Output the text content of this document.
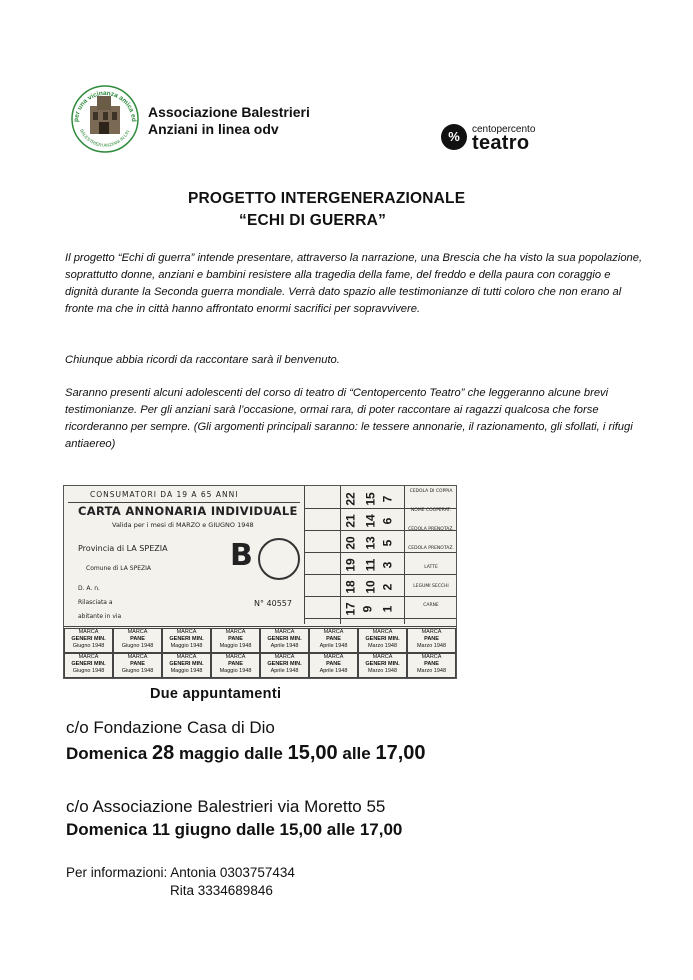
per una vicinanza amica ed
BALESTRIERI ANZIANI IN LIN
Associazione Balestrieri
Anziani in linea odv	%	centopercento
teatro
PROGETTO INTERGENERAZIONALE
“ECHI DI GUERRA”
Il progetto “Echi di guerra” intende presentare, attraverso la narrazione, una Brescia che ha visto la sua popolazione, soprattutto donne, anziani e bambini resistere alla tragedia della fame, del freddo e della paura con coraggio e dignità durante la Seconda guerra mondiale. Verrà dato spazio alle testimonianze di tutti coloro che non erano al fronte ma che in città hanno affrontato enormi sacrifici per sopravvivere.
Chiunque abbia ricordi da raccontare sarà il benvenuto.
Saranno presenti alcuni adolescenti del corso di teatro di “Centopercento Teatro” che leggeranno alcune brevi testimonianze. Per gli anziani sarà l’occasione, ormai rara, di poter raccontare ai ragazzi qualcosa che forse ricorderanno per sempre. (Gli argomenti principali saranno: le tessere annonarie, il razionamento, gli sfollati, i rifugi antiaereo)
CONSUMATORI DA 19 A 65 ANNI
CARTA ANNONARIA INDIVIDUALE
Valida per i mesi di MARZO e GIUGNO 1948
Provincia di LA SPEZIA
Comune di LA SPEZIA
D. A. n.
Rilasciata a
abitante in via
B
N° 40557
22 15 7
21 14 6
20 13 5
19 11 3
18 10 2
17 9 1
CEDOLA DI COPPIA
NOME COOPERAT.
CEDOLA PRENOTAZ.
CEDOLA PRENOTAZ.
LATTE
LEGUMI SECCHI
CARNE
MARCA
GENERI MIN.
Giugno 1948
MARCA
PANE
Giugno 1948
MARCA
GENERI MIN.
Maggio 1948
MARCA
PANE
Maggio 1948
MARCA
GENERI MIN.
Aprile 1948
MARCA
PANE
Aprile 1948
MARCA
GENERI MIN.
Marzo 1948
MARCA
PANE
Marzo 1948
MARCA
GENERI MIN.
Giugno 1948
MARCA
PANE
Giugno 1948
MARCA
GENERI MIN.
Maggio 1948
MARCA
PANE
Maggio 1948
MARCA
GENERI MIN.
Aprile 1948
MARCA
PANE
Aprile 1948
MARCA
GENERI MIN.
Marzo 1948
MARCA
PANE
Marzo 1948
Due appuntamenti
c/o Fondazione Casa di Dio
Domenica 28 maggio dalle 15,00 alle 17,00
c/o Associazione Balestrieri via Moretto 55
Domenica 11 giugno dalle 15,00 alle 17,00
Per informazioni: Antonia 0303757434
Rita 3334689846
